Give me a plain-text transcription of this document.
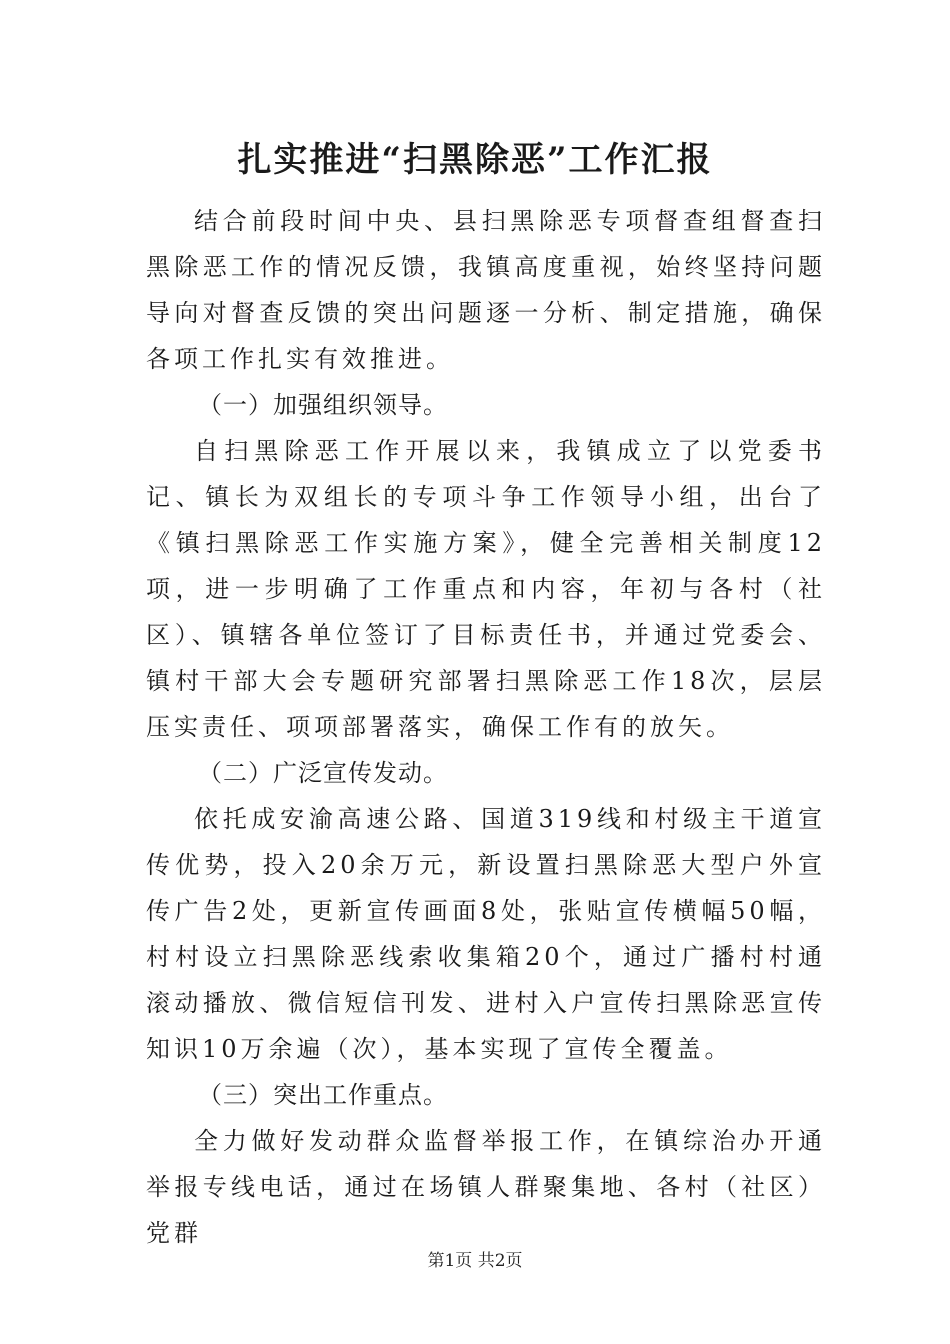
扎实推进“扫黑除恶”工作汇报

结合前段时间中央、县扫黑除恶专项督查组督查扫黑除恶工作的情况反馈，我镇高度重视，始终坚持问题导向对督查反馈的突出问题逐一分析、制定措施，确保各项工作扎实有效推进。

（一）加强组织领导。

自扫黑除恶工作开展以来，我镇成立了以党委书记、镇长为双组长的专项斗争工作领导小组，出台了《镇扫黑除恶工作实施方案》，健全完善相关制度12项，进一步明确了工作重点和内容，年初与各村（社区）、镇辖各单位签订了目标责任书，并通过党委会、镇村干部大会专题研究部署扫黑除恶工作18次，层层压实责任、项项部署落实，确保工作有的放矢。

（二）广泛宣传发动。

依托成安渝高速公路、国道319线和村级主干道宣传优势，投入20余万元，新设置扫黑除恶大型户外宣传广告2处，更新宣传画面8处，张贴宣传横幅50幅，村村设立扫黑除恶线索收集箱20个，通过广播村村通滚动播放、微信短信刊发、进村入户宣传扫黑除恶宣传知识10万余遍（次），基本实现了宣传全覆盖。

（三）突出工作重点。

全力做好发动群众监督举报工作，在镇综治办开通举报专线电话，通过在场镇人群聚集地、各村（社区）党群

第1页 共2页
